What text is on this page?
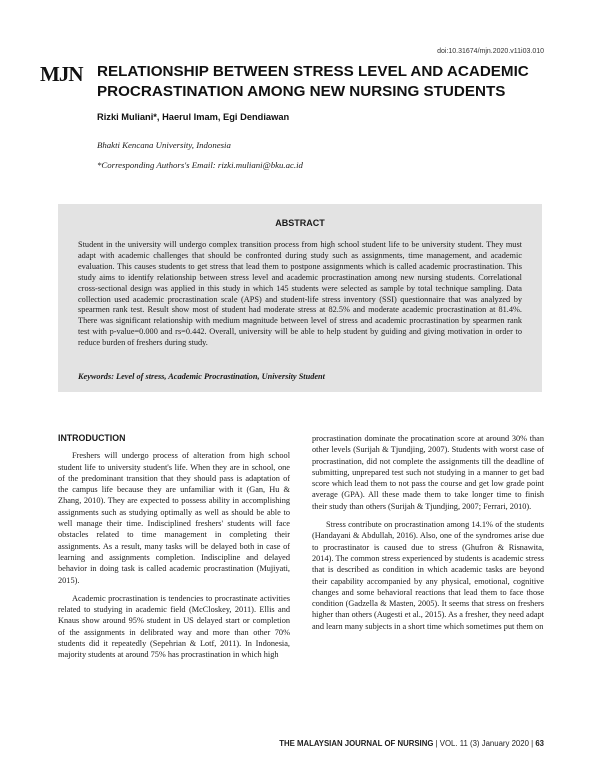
doi:10.31674/mjn.2020.v11i03.010
MJN RELATIONSHIP BETWEEN STRESS LEVEL AND ACADEMIC PROCRASTINATION AMONG NEW NURSING STUDENTS
Rizki Muliani*, Haerul Imam, Egi Dendiawan
Bhakti Kencana University, Indonesia
*Corresponding Authors's Email: rizki.muliani@bku.ac.id
ABSTRACT
Student in the university will undergo complex transition process from high school student life to be university student. They must adapt with academic challenges that should be confronted during study such as assignments, time management, and academic evaluation. This causes students to get stress that lead them to postpone assignments which is called academic procrastination. This study aims to identify relationship between stress level and academic procrastination among new nursing students. Correlational cross-sectional design was applied in this study in which 145 students were selected as sample by total technique sampling. Data collection used academic procrastination scale (APS) and student-life stress inventory (SSI) questionnaire that was analyzed by spearmen rank test. Result show most of student had moderate stress at 82.5% and moderate academic procrastination at 81.4%. There was significant relationship with medium magnitude between level of stress and academic procrastination by spearmen rank test with p-value=0.000 and rs=0.442. Overall, university will be able to help student by guiding and giving motivation in order to reduce burden of freshers during study.
Keywords: Level of stress, Academic Procrastination, University Student
INTRODUCTION

Freshers will undergo process of alteration from high school student life to university student's life. When they are in school, one of the predominant transition that they should pass is adaptation of the campus life because they are unfamiliar with it (Gan, Hu & Zhang, 2010). They are expected to possess ability in accomplishing assignments such as studying optimally as well as should be able to well manage their time. Indisciplined freshers' students will face obstacles related to time management in completing their assignments. As a result, many tasks will be delayed both in case of learning and assignments completion. Indiscipline and delayed behavior in doing task is called academic procrastination (Mujiyati, 2015).

Academic procrastination is tendencies to procrastinate activities related to studying in academic field (McCloskey, 2011). Ellis and Knaus show around 95% student in US delayed start or completion of the assignments in delibrated way and more than other 70% students did it repeatedly (Sepehrian & Lotf, 2011). In Indonesia, majority students at around 75% has procrastination in which high

procrastination dominate the procatination score at around 30% than other levels (Surijah & Tjundjing, 2007). Students with worst case of procrastination, did not complete the assignments till the deadline of submitting, unprepared test such not studying in a manner to get bad score which lead them to not pass the course and get low grade point average (GPA). All these made them to take longer time to finish their study than others (Surijah & Tjundjing, 2007; Ferrari, 2010).

Stress contribute on procrastination among 14.1% of the students (Handayani & Abdullah, 2016). Also, one of the syndromes arise due to procrastinator is caused due to stress (Ghufron & Risnawita, 2014). The common stress experienced by students is academic stress that is described as condition in which academic tasks are beyond their capability accompanied by any physical, emotional, cognitive changes and some behavioral reactions that lead them to face those condition (Gadzella & Masten, 2005). It seems that stress on freshers higher than others (Augesti et al., 2015). As a fresher, they need adapt and learn many subjects in a short time which sometimes put them on

THE MALAYSIAN JOURNAL OF NURSING | VOL. 11 (3) January 2020 | 63
